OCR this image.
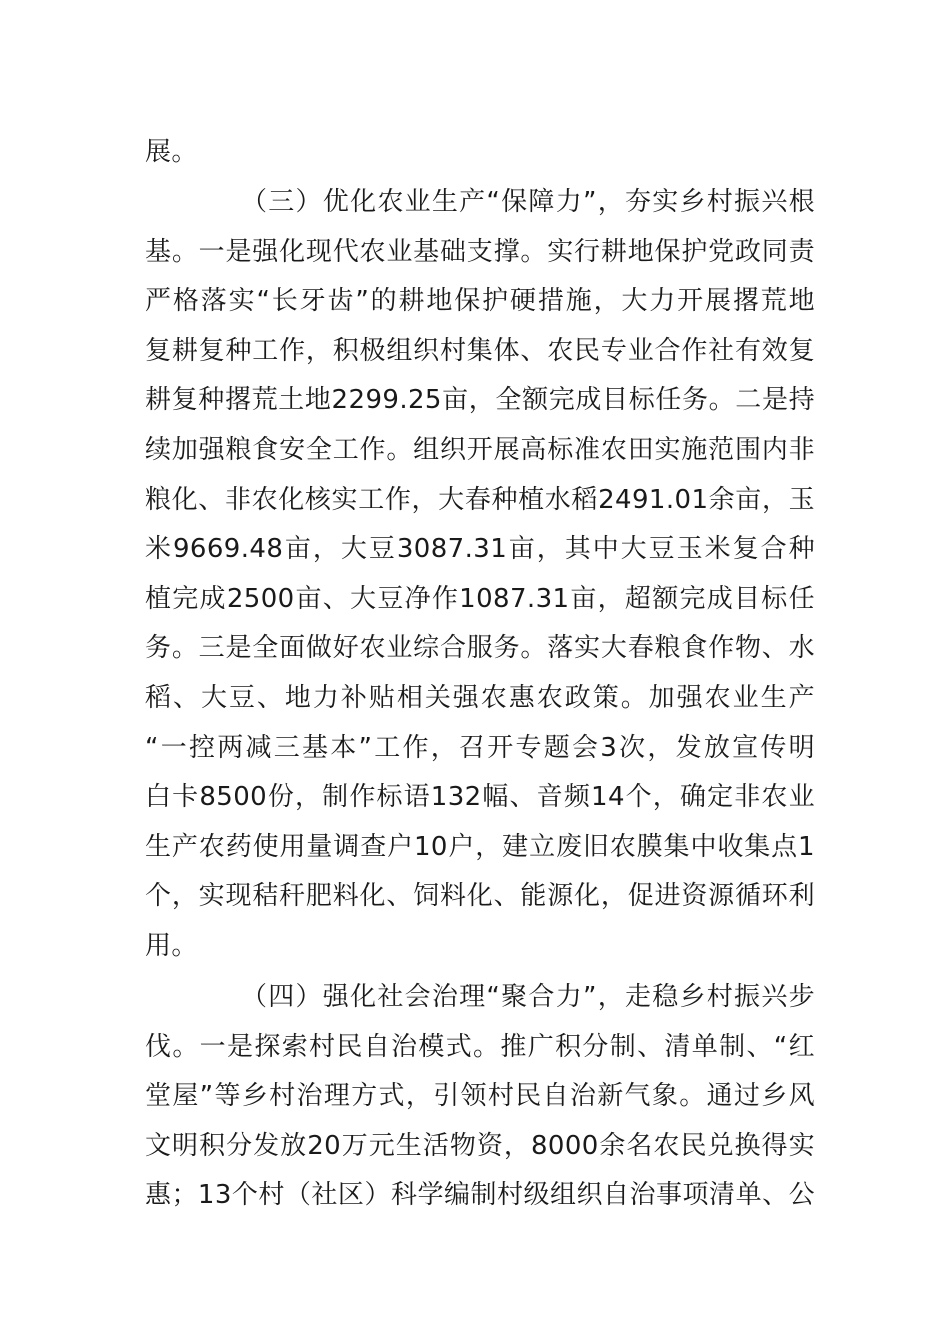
展。
（三）优化农业生产“保障力”，夯实乡村振兴根
基。一是强化现代农业基础支撑。实行耕地保护党政同责
严格落实“长牙齿”的耕地保护硬措施，大力开展撂荒地
复耕复种工作，积极组织村集体、农民专业合作社有效复
耕复种撂荒土地2299.25亩，全额完成目标任务。二是持
续加强粮食安全工作。组织开展高标准农田实施范围内非
粮化、非农化核实工作，大春种植水稻2491.01余亩，玉
米9669.48亩，大豆3087.31亩，其中大豆玉米复合种
植完成2500亩、大豆净作1087.31亩，超额完成目标任
务。三是全面做好农业综合服务。落实大春粮食作物、水
稻、大豆、地力补贴相关强农惠农政策。加强农业生产
“一控两减三基本”工作，召开专题会3次，发放宣传明
白卡8500份，制作标语132幅、音频14个，确定非农业
生产农药使用量调查户10户，建立废旧农膜集中收集点1
个，实现秸秆肥料化、饲料化、能源化，促进资源循环利
用。
（四）强化社会治理“聚合力”，走稳乡村振兴步
伐。一是探索村民自治模式。推广积分制、清单制、“红
堂屋”等乡村治理方式，引领村民自治新气象。通过乡风
文明积分发放20万元生活物资，8000余名农民兑换得实
惠；13个村（社区）科学编制村级组织自治事项清单、公
